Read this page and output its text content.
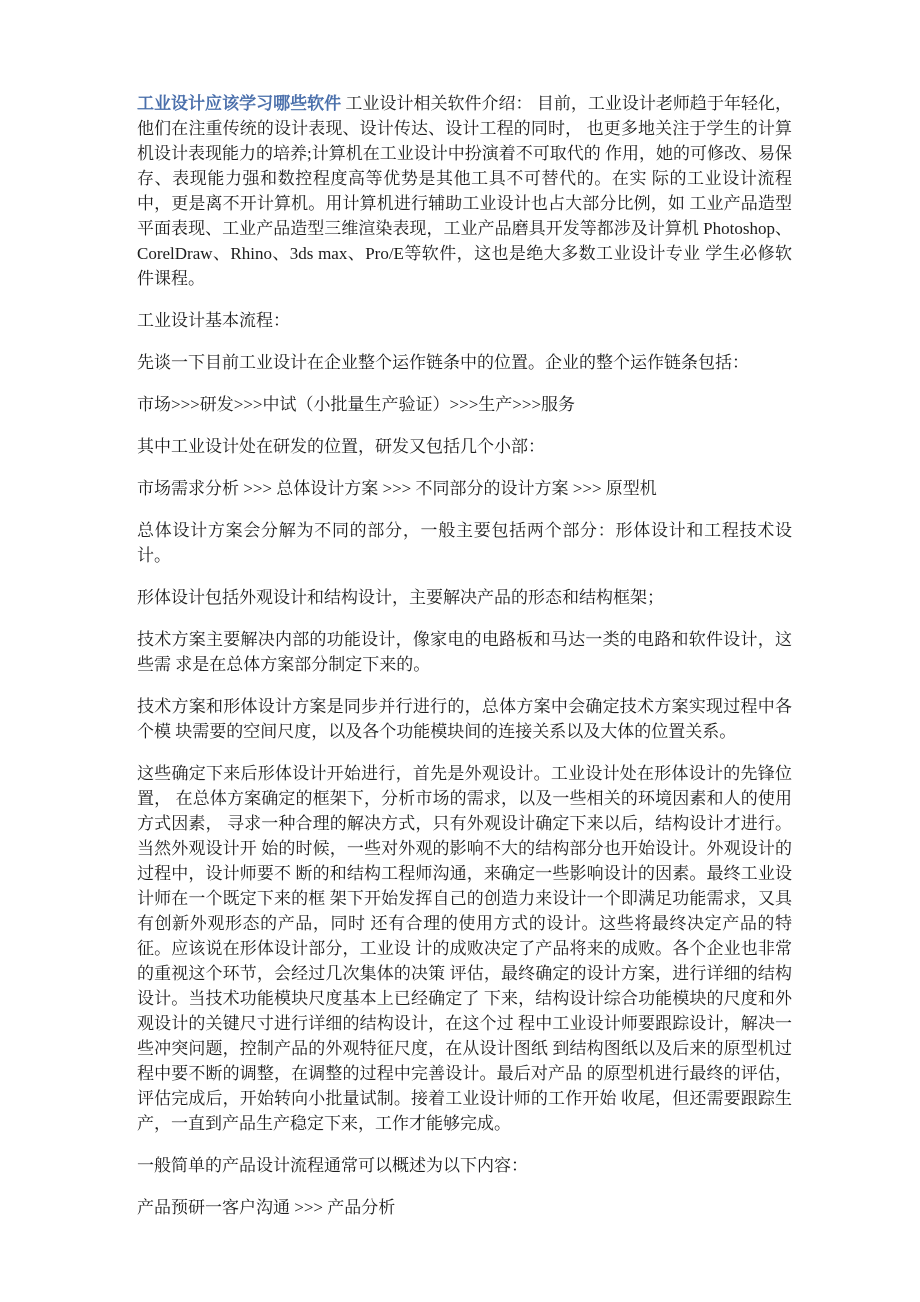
工业设计应该学习哪些软件 工业设计相关软件介绍： 目前，工业设计老师趋于年轻化，他们在注重传统的设计表现、设计传达、设计工程的同时， 也更多地关注于学生的计算机设计表现能力的培养;计算机在工业设计中扮演着不可取代的 作用，她的可修改、易保存、表现能力强和数控程度高等优势是其他工具不可替代的。在实 际的工业设计流程中，更是离不开计算机。用计算机进行辅助工业设计也占大部分比例，如 工业产品造型平面表现、工业产品造型三维渲染表现，工业产品磨具开发等都涉及计算机 Photoshop、CorelDraw、Rhino、3ds max、Pro/E等软件，这也是绝大多数工业设计专业 学生必修软件课程。

工业设计基本流程：

先谈一下目前工业设计在企业整个运作链条中的位置。企业的整个运作链条包括：

市场>>>研发>>>中试（小批量生产验证）>>>生产>>>服务

其中工业设计处在研发的位置，研发又包括几个小部：

市场需求分析 >>> 总体设计方案 >>> 不同部分的设计方案 >>> 原型机

总体设计方案会分解为不同的部分，一般主要包括两个部分：形体设计和工程技术设计。

形体设计包括外观设计和结构设计，主要解决产品的形态和结构框架；

技术方案主要解决内部的功能设计，像家电的电路板和马达一类的电路和软件设计，这些需 求是在总体方案部分制定下来的。

技术方案和形体设计方案是同步并行进行的，总体方案中会确定技术方案实现过程中各个模 块需要的空间尺度，以及各个功能模块间的连接关系以及大体的位置关系。

这些确定下来后形体设计开始进行，首先是外观设计。工业设计处在形体设计的先锋位置， 在总体方案确定的框架下，分析市场的需求，以及一些相关的环境因素和人的使用方式因素， 寻求一种合理的解决方式，只有外观设计确定下来以后，结构设计才进行。当然外观设计开 始的时候，一些对外观的影响不大的结构部分也开始设计。外观设计的过程中，设计师要不 断的和结构工程师沟通，来确定一些影响设计的因素。最终工业设计师在一个既定下来的框 架下开始发挥自己的创造力来设计一个即满足功能需求，又具有创新外观形态的产品，同时 还有合理的使用方式的设计。这些将最终决定产品的特征。应该说在形体设计部分，工业设 计的成败决定了产品将来的成败。各个企业也非常的重视这个环节，会经过几次集体的决策 评估，最终确定的设计方案，进行详细的结构设计。当技术功能模块尺度基本上已经确定了 下来，结构设计综合功能模块的尺度和外观设计的关键尺寸进行详细的结构设计，在这个过 程中工业设计师要跟踪设计，解决一些冲突问题，控制产品的外观特征尺度，在从设计图纸 到结构图纸以及后来的原型机过程中要不断的调整，在调整的过程中完善设计。最后对产品 的原型机进行最终的评估，评估完成后，开始转向小批量试制。接着工业设计师的工作开始 收尾，但还需要跟踪生产，一直到产品生产稳定下来，工作才能够完成。

一般简单的产品设计流程通常可以概述为以下内容：

产品预研一客户沟通 >>> 产品分析
